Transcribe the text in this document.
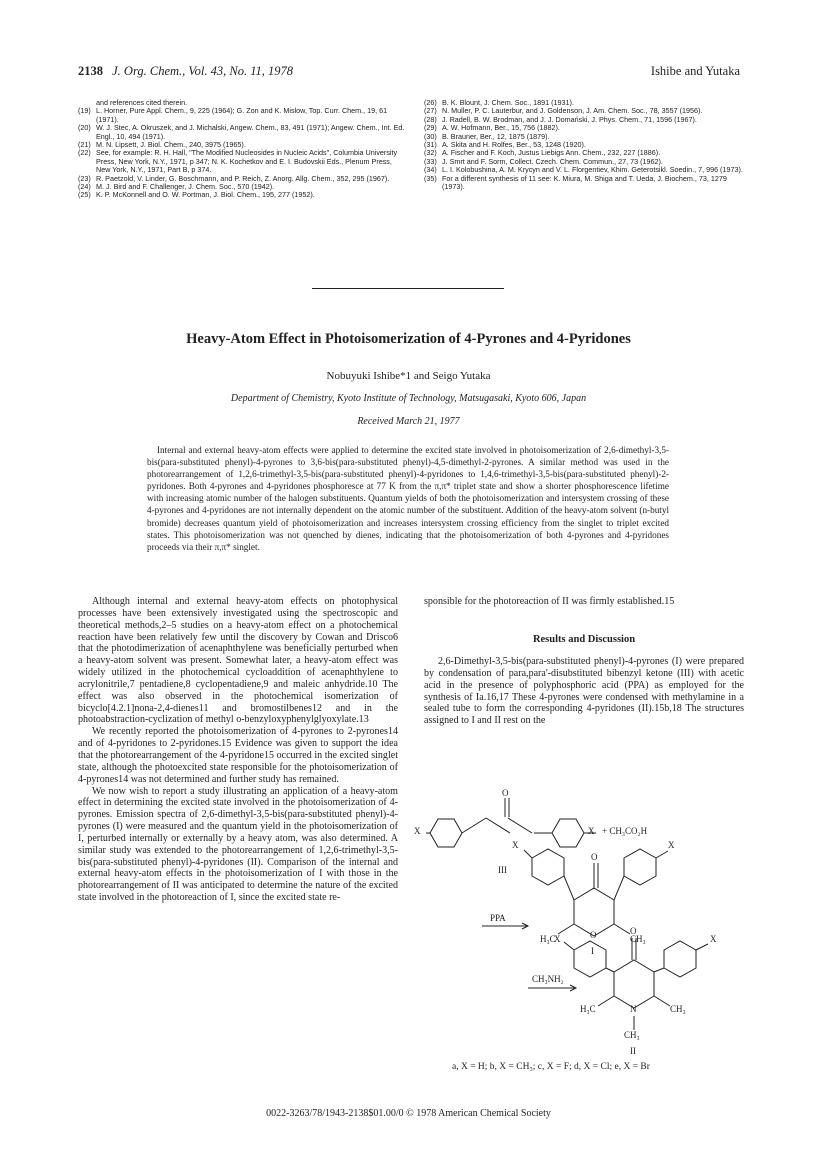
2138 J. Org. Chem., Vol. 43, No. 11, 1978	Ishibe and Yutaka
and references cited therein.
(19) L. Horner, Pure Appl. Chem., 9, 225 (1964); G. Zon and K. Mislow, Top. Curr. Chem., 19, 61 (1971).
(20) W. J. Stec, A. Okruszek, and J. Michalski, Angew. Chem., 83, 491 (1971); Angew. Chem., Int. Ed. Engl., 10, 494 (1971).
(21) M. N. Lipsett, J. Biol. Chem., 240, 3975 (1965).
(22) See, for example: R. H. Hall, "The Modified Nucleosides in Nucleic Acids", Columbia University Press, New York, N.Y., 1971, p 347; N. K. Kochetkov and E. I. Budovskii Eds., Plenum Press, New York, N.Y., 1971, Part B, p 374.
(23) R. Paetzold, V. Linder, G. Boschmann, and P. Reich, Z. Anorg. Allg. Chem., 352, 295 (1967).
(24) M. J. Bird and F. Challenger, J. Chem. Soc., 570 (1942).
(25) K. P. McKonnell and O. W. Portman, J. Biol. Chem., 195, 277 (1952).
(26) B. K. Blount, J. Chem. Soc., 1891 (1931).
(27) N. Muller, P. C. Lauterbur, and J. Goldenson, J. Am. Chem. Soc., 78, 3557 (1956).
(28) J. Radell, B. W. Brodman, and J. J. Domański, J. Phys. Chem., 71, 1596 (1967).
(29) A. W. Hofmann, Ber., 15, 756 (1882).
(30) B. Brauner, Ber., 12, 1875 (1879).
(31) A. Skita and H. Rolfes, Ber., 53, 1248 (1920).
(32) A. Fischer and F. Koch, Justus Liebigs Ann. Chem., 232, 227 (1886).
(33) J. Smrt and F. Sorm, Collect. Czech. Chem. Commun., 27, 73 (1962).
(34) L. I. Kolobushina, A. M. Krycyn and V. L. Florgentiev, Khim. Geterotsikl. Soedin., 7, 996 (1973).
(35) For a different synthesis of 11 see: K. Miura, M. Shiga and T. Ueda, J. Biochem., 73, 1279 (1973).
Heavy-Atom Effect in Photoisomerization of 4-Pyrones and 4-Pyridones
Nobuyuki Ishibe*1 and Seigo Yutaka
Department of Chemistry, Kyoto Institute of Technology, Matsugasaki, Kyoto 606, Japan
Received March 21, 1977
Internal and external heavy-atom effects were applied to determine the excited state involved in photoisomerization of 2,6-dimethyl-3,5-bis(para-substituted phenyl)-4-pyrones to 3,6-bis(para-substituted phenyl)-4,5-dimethyl-2-pyrones. A similar method was used in the photorearrangement of 1,2,6-trimethyl-3,5-bis(para-substituted phenyl)-4-pyridones to 1,4,6-trimethyl-3,5-bis(para-substituted phenyl)-2-pyridones. Both 4-pyrones and 4-pyridones phosphoresce at 77 K from the π,π* triplet state and show a shorter phosphorescence lifetime with increasing atomic number of the halogen substituents. Quantum yields of both the photoisomerization and intersystem crossing of these 4-pyrones and 4-pyridones are not internally dependent on the atomic number of the substituent. Addition of the heavy-atom solvent (n-butyl bromide) decreases quantum yield of photoisomerization and increases intersystem crossing efficiency from the singlet to triplet excited states. This photoisomerization was not quenched by dienes, indicating that the photoisomerization of both 4-pyrones and 4-pyridones proceeds via their π,π* singlet.

Although internal and external heavy-atom effects on photophysical processes have been extensively investigated using the spectroscopic and theoretical methods,2–5 studies on a heavy-atom effect on a photochemical reaction have been relatively few until the discovery by Cowan and Drisco6 that the photodimerization of acenaphthylene was beneficially perturbed when a heavy-atom solvent was present. Somewhat later, a heavy-atom effect was widely utilized in the photochemical cycloaddition of acenaphthylene to acrylonitrile,7 pentadiene,8 cyclopentadiene,9 and maleic anhydride.10 The effect was also observed in the photochemical isomerization of bicyclo[4.2.1]nona-2,4-dienes11 and bromostilbenes12 and in the photoabstraction-cyclization of methyl o-benzyloxyphenylglyoxylate.13

We recently reported the photoisomerization of 4-pyrones to 2-pyrones14 and of 4-pyridones to 2-pyridones.15 Evidence was given to support the idea that the photorearrangement of the 4-pyridone15 occurred in the excited singlet state, although the photoexcited state responsible for the photoisomerization of 4-pyrones14 was not determined and further study has remained.

We now wish to report a study illustrating an application of a heavy-atom effect in determining the excited state involved in the photoisomerization of 4-pyrones. Emission spectra of 2,6-dimethyl-3,5-bis(para-substituted phenyl)-4-pyrones (I) were measured and the quantum yield in the photoisomerization of I, perturbed internally or externally by a heavy atom, was also determined. A similar study was extended to the photorearrangement of 1,2,6-trimethyl-3,5-bis(para-substituted phenyl)-4-pyridones (II). Comparison of the internal and external heavy-atom effects in the photoisomerization of I with those in the photorearrangement of II was anticipated to determine the nature of the excited state involved in the photoreaction of I, since the excited state re-

sponsible for the photoreaction of II was firmly established.15

Results and Discussion

2,6-Dimethyl-3,5-bis(para-substituted phenyl)-4-pyrones (I) were prepared by condensation of para,para'-disubstituted bibenzyl ketone (III) with acetic acid in the presence of polyphosphoric acid (PPA) as employed for the synthesis of Ia.16,17 These 4-pyrones were condensed with methylamine in a sealed tube to form the corresponding 4-pyridones (II).15b,18 The structures assigned to I and II rest on the

X	X
O
+ CH₃CO₂H
III
PPA
X	X
O
O
H₃C	CH₃
I
CH₃NH₂
X	X
O
N
H₃C	CH₃
CH₃
II
a, X = H; b, X = CH₃; c, X = F; d, X = Cl; e, X = Br
0022-3263/78/1943-2138$01.00/0 © 1978 American Chemical Society
